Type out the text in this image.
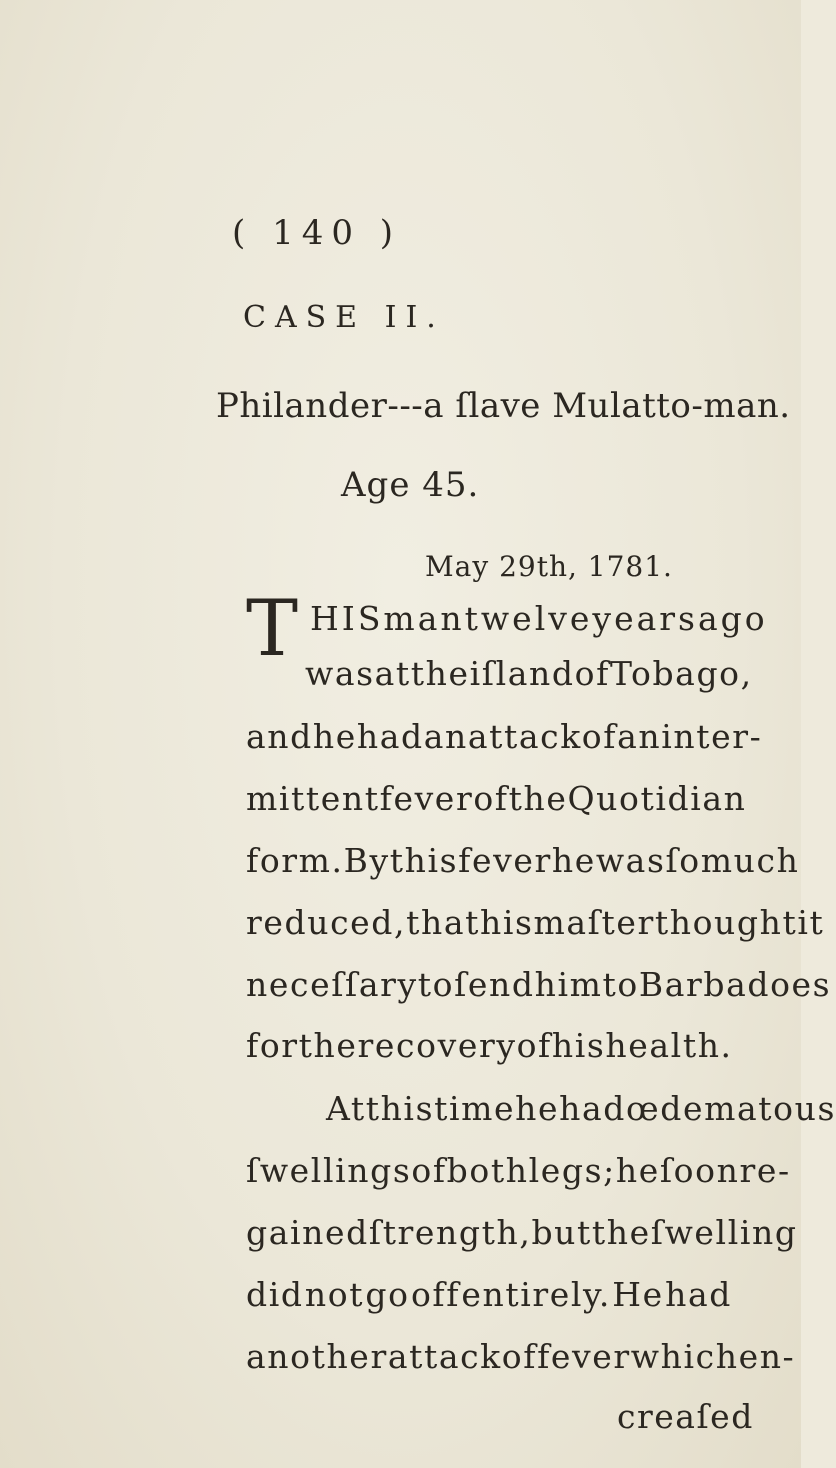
( 140 )
CASE II.
Philander---a ſlave Mulatto-man.
Age 45.
May 29th, 1781.
T HIS man twelve years ago
was at the iſland of Tobago,
and he had an attack of an inter-
mittent fever of the Quotidian
form. By this fever he was ſo much
reduced, that his maſter thought it
neceſſary to ſend him to Barbadoes
for the recovery of his health.
At this time he had œdematous
ſwellings of both legs; he ſoon re-
gained ſtrength, but the ſwelling
did not go off entirely. He had
another attack of fever which en-
creaſed
